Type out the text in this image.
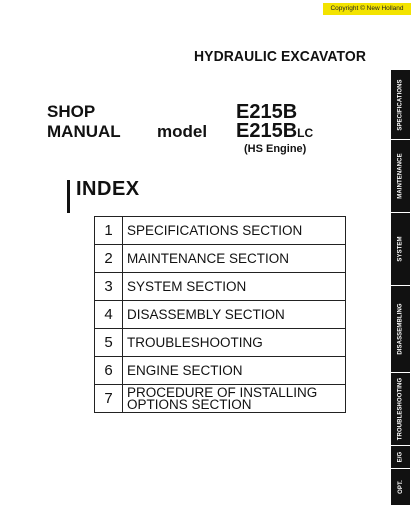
Copyright © New Holland
HYDRAULIC EXCAVATOR
SHOP
MANUAL model
E215B
E215BLC
(HS Engine)
INDEX
1	SPECIFICATIONS SECTION
2	MAINTENANCE SECTION
3	SYSTEM SECTION
4	DISASSEMBLY SECTION
5	TROUBLESHOOTING
6	ENGINE SECTION
7	PROCEDURE OF INSTALLING
OPTIONS SECTION
SPECIFICATIONS
MAINTENANCE
SYSTEM
DISASSEMBLING
TROUBLESHOOTING
E/G
OPT.
